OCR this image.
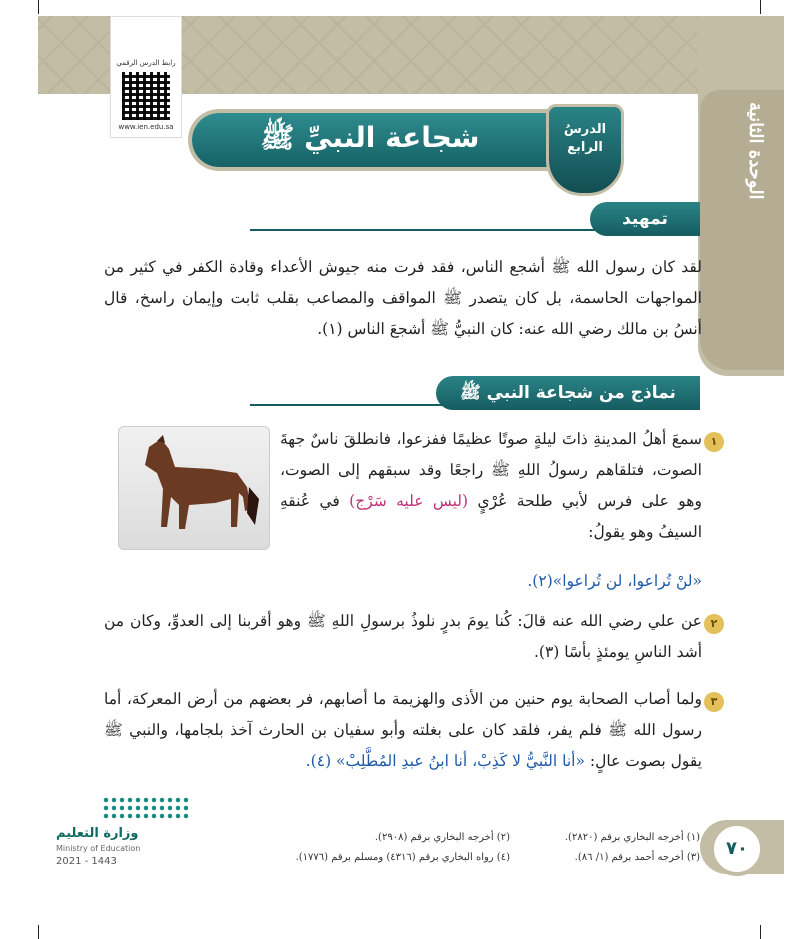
الوحدة الثانية
رابط الدرس الرقمي
www.ien.edu.sa	شجاعة النبيِّ ﷺ	الدرسُ
الرابع
تمهيد
لقد كان رسول الله ﷺ أشجع الناس، فقد فرت منه جيوش الأعداء وقادة الكفر في كثير من المواجهات الحاسمة، بل كان يتصدر ﷺ المواقف والمصاعب بقلب ثابت وإيمان راسخ، قال أنسُ بن مالك رضي الله عنه: كان النبيُّ ﷺ أشجعَ الناس (١).
نماذج من شجاعة النبي ﷺ
١
سمعَ أهلُ المدينةِ ذاتَ ليلةٍ صوتًا عظيمًا ففزعوا، فانطلقَ ناسٌ جهةَ الصوت، فتلقاهم رسولُ اللهِ ﷺ راجعًا وقد سبقهم إلى الصوت، وهو على فرس لأبي طلحة عُرْيٍ (ليس عليه سَرْج) في عُنقهِ السيفُ وهو يقولُ:
«لنْ تُراعوا، لن تُراعوا»(٢).
٢
عن علي رضي الله عنه قالَ: كُنا يومَ بدرٍ نلوذُ برسولِ اللهِ ﷺ وهو أقربنا إلى العدوِّ، وكان من أشد الناسِ يومئذٍ بأسًا (٣).
٣
ولما أصاب الصحابة يوم حنين من الأذى والهزيمة ما أصابهم، فر بعضهم من أرض المعركة، أما رسول الله ﷺ فلم يفر، فلقد كان على بغلته وأبو سفيان بن الحارث آخذ بلجامها، والنبي ﷺ يقول بصوت عالٍ: «أنا النَّبيُّ لا كَذِبْ، أنا ابنُ عبدِ المُطَّلِبْ» (٤).
(١) أخرجه البخاري برقم (٢٨٢٠).
(٢) أخرجه البخاري برقم (٢٩٠٨).
(٣) أخرجه أحمد برقم (١/ ٨٦).
(٤) رواه البخاري برقم (٤٣١٦) ومسلم برقم (١٧٧٦).	٧٠
وزارة التعليم
Ministry of Education
2021 - 1443
